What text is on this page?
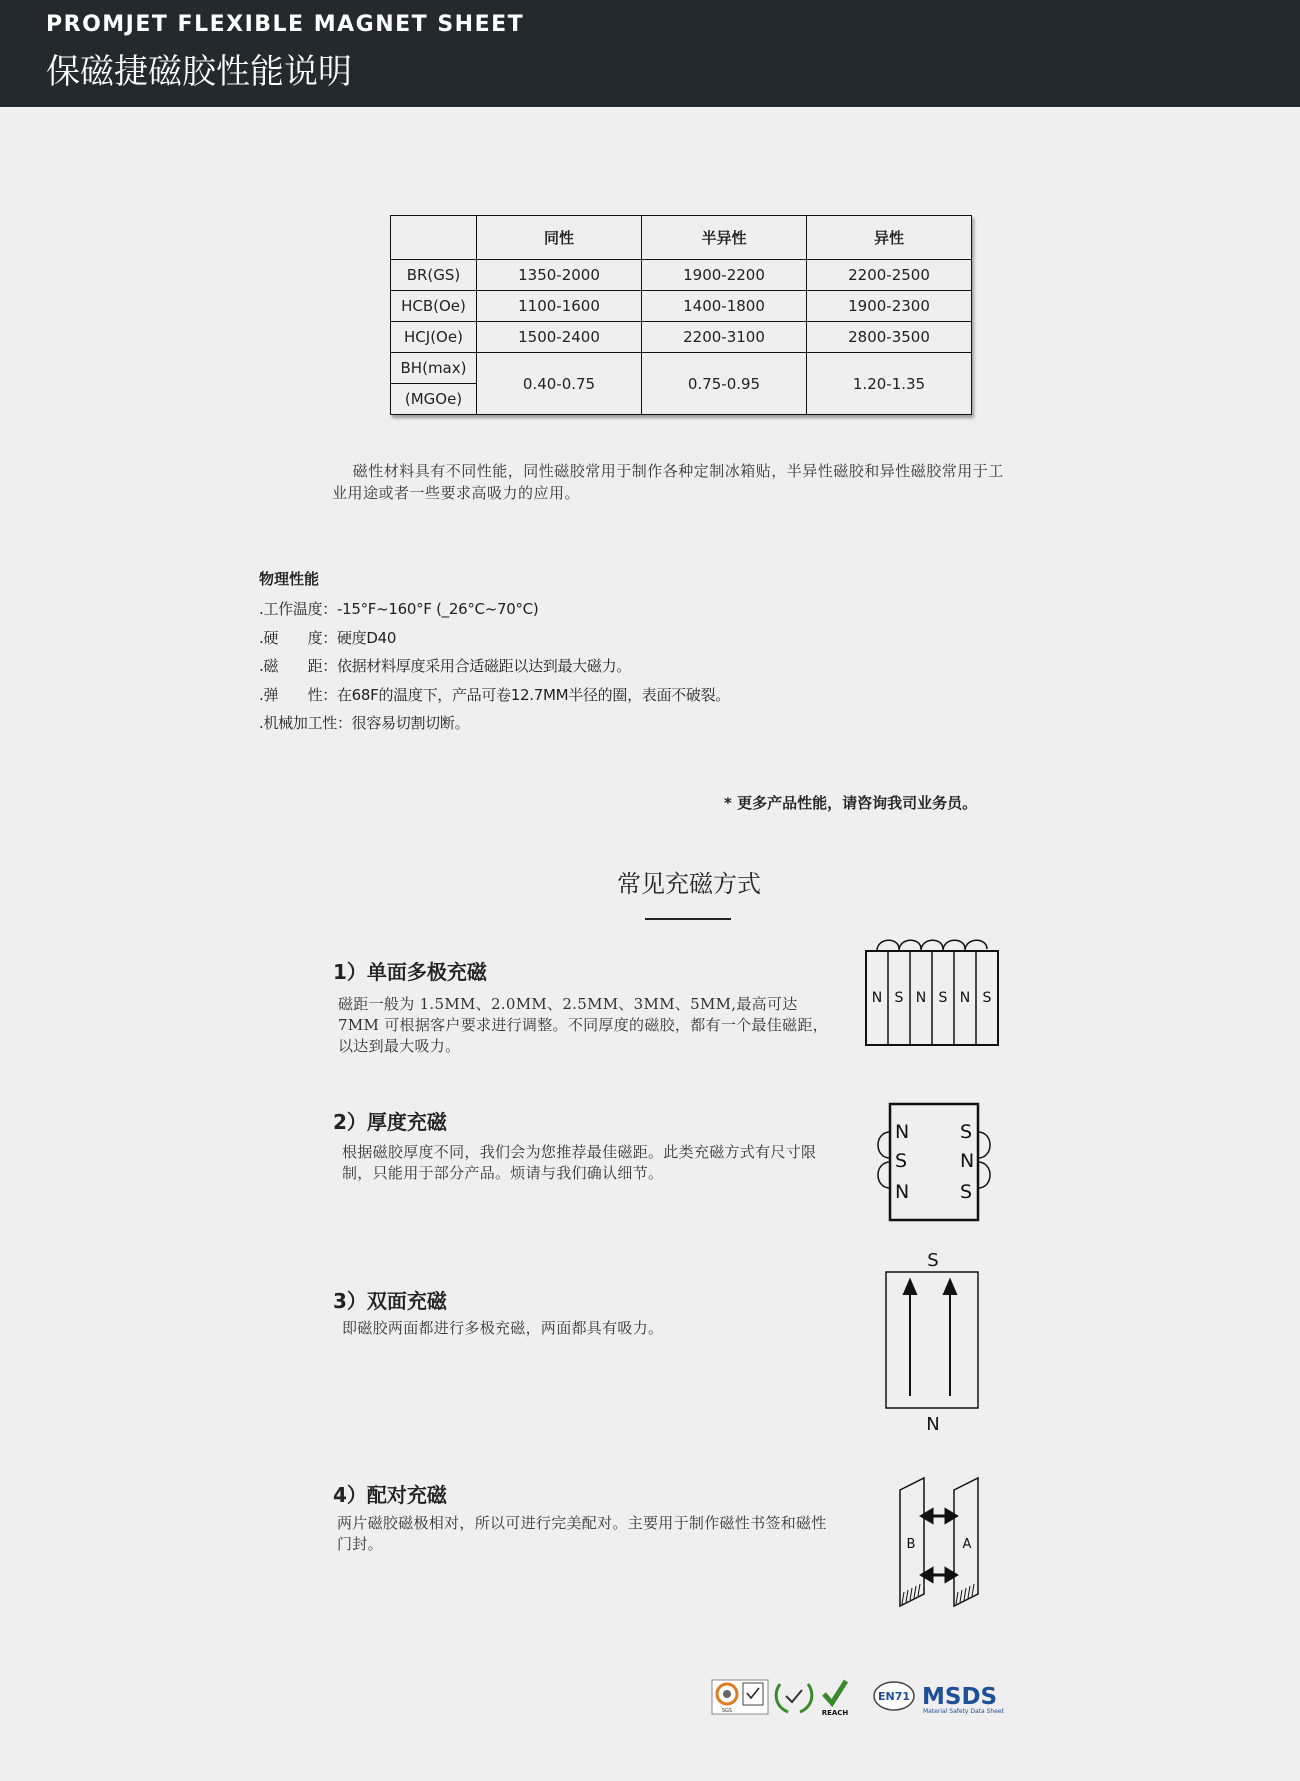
PROMJET FLEXIBLE MAGNET SHEET
保磁捷磁胶性能说明
	同性	半异性	异性
BR(GS)	1350-2000	1900-2200	2200-2500
HCB(Oe)	1100-1600	1400-1800	1900-2300
HCJ(Oe)	1500-2400	2200-3100	2800-3500
BH(max)	0.40-0.75	0.75-0.95	1.20-1.35
(MGOe)			
　 磁性材料具有不同性能，同性磁胶常用于制作各种定制冰箱贴，半异性磁胶和异性磁胶常用于工业用途或者一些要求高吸力的应用。
物理性能
.工作温度：-15°F~160°F (_26°C~70°C)
.硬　　度：硬度D40
.磁　　距：依据材料厚度采用合适磁距以达到最大磁力。
.弹　　性：在68F的温度下，产品可卷12.7MM半径的圈，表面不破裂。
.机械加工性：很容易切割切断。
* 更多产品性能，请咨询我司业务员。
常见充磁方式
1）单面多极充磁
磁距一般为 1.5MM、2.0MM、2.5MM、3MM、5MM,最高可达7MM 可根据客户要求进行调整。不同厚度的磁胶，都有一个最佳磁距，以达到最大吸力。
N S N S N S
2）厚度充磁
根据磁胶厚度不同，我们会为您推荐最佳磁距。此类充磁方式有尺寸限制，只能用于部分产品。烦请与我们确认细节。
N
S
N
S
N
S
3）双面充磁
即磁胶两面都进行多极充磁，两面都具有吸力。
S
N
4）配对充磁
两片磁胶磁极相对，所以可进行完美配对。主要用于制作磁性书签和磁性门封。	B	A
SGS	REACH
EN71 MSDS
Material Safety Data Sheet
